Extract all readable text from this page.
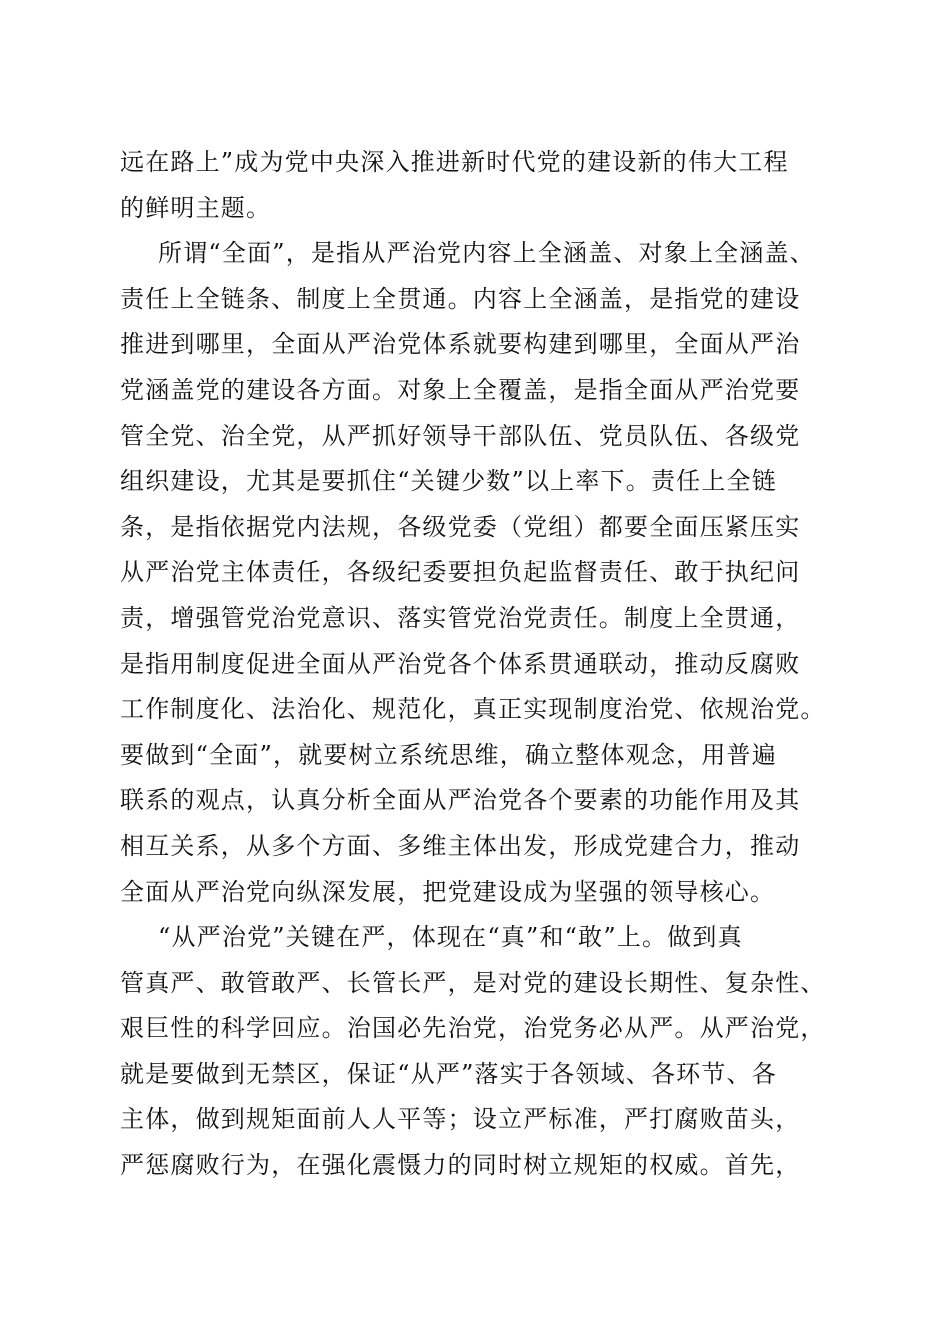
远在路上”成为党中央深入推进新时代党的建设新的伟大工程
的鲜明主题。
所谓“全面”，是指从严治党内容上全涵盖、对象上全涵盖、
责任上全链条、制度上全贯通。内容上全涵盖，是指党的建设
推进到哪里，全面从严治党体系就要构建到哪里，全面从严治
党涵盖党的建设各方面。对象上全覆盖，是指全面从严治党要
管全党、治全党，从严抓好领导干部队伍、党员队伍、各级党
组织建设，尤其是要抓住“关键少数”以上率下。责任上全链
条，是指依据党内法规，各级党委（党组）都要全面压紧压实
从严治党主体责任，各级纪委要担负起监督责任、敢于执纪问
责，增强管党治党意识、落实管党治党责任。制度上全贯通，
是指用制度促进全面从严治党各个体系贯通联动，推动反腐败
工作制度化、法治化、规范化，真正实现制度治党、依规治党。
要做到“全面”，就要树立系统思维，确立整体观念，用普遍
联系的观点，认真分析全面从严治党各个要素的功能作用及其
相互关系，从多个方面、多维主体出发，形成党建合力，推动
全面从严治党向纵深发展，把党建设成为坚强的领导核心。
“从严治党”关键在严，体现在“真”和“敢”上。做到真
管真严、敢管敢严、长管长严，是对党的建设长期性、复杂性、
艰巨性的科学回应。治国必先治党，治党务必从严。从严治党，
就是要做到无禁区，保证“从严”落实于各领域、各环节、各
主体，做到规矩面前人人平等；设立严标准，严打腐败苗头，
严惩腐败行为，在强化震慑力的同时树立规矩的权威。首先，
